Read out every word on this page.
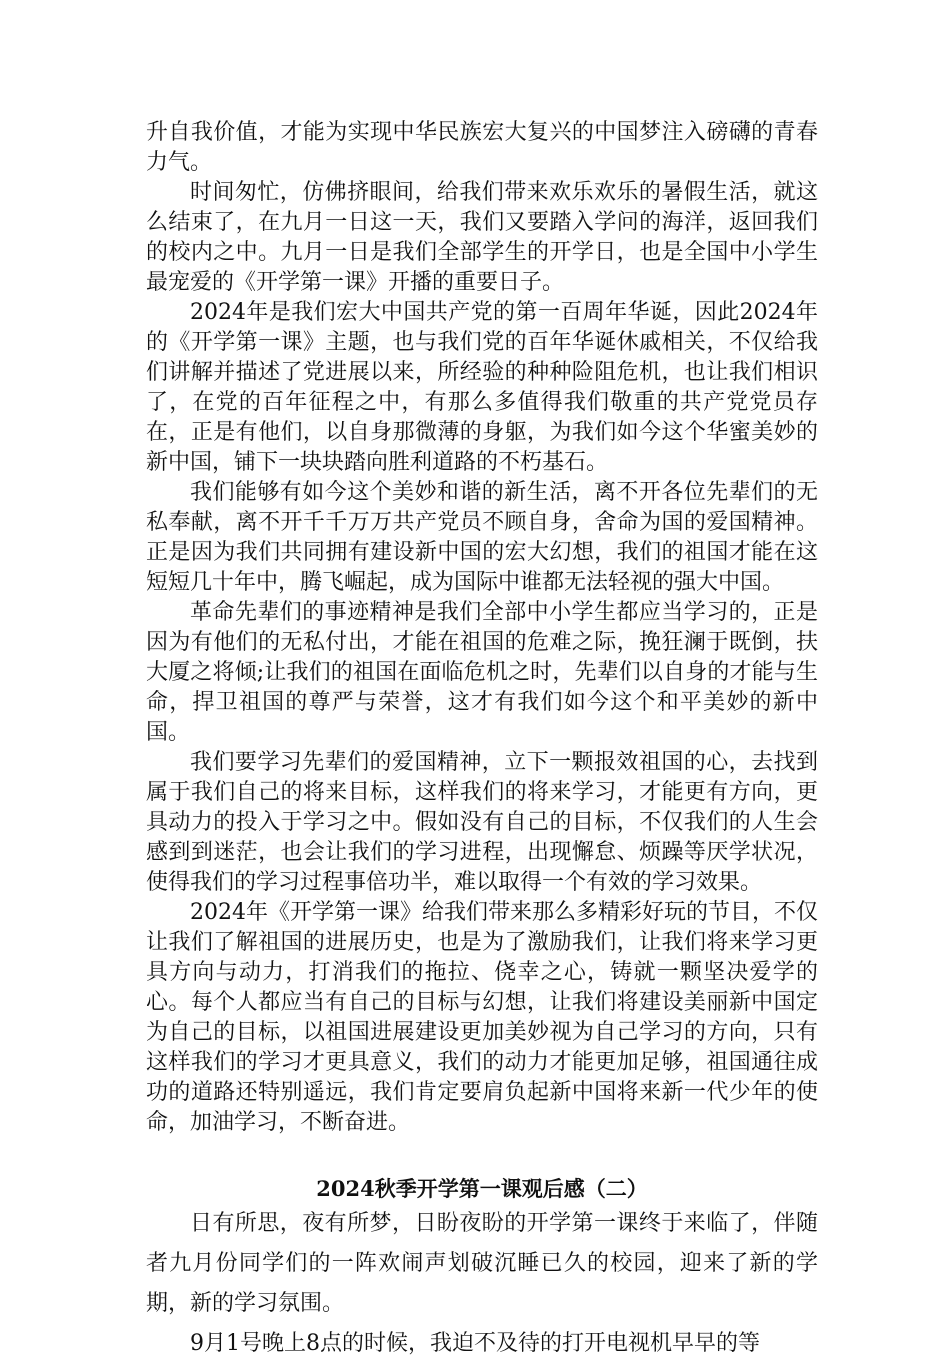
升自我价值，才能为实现中华民族宏大复兴的中国梦注入磅礴的青春力气。

时间匆忙，仿佛挤眼间，给我们带来欢乐欢乐的暑假生活，就这么结束了，在九月一日这一天，我们又要踏入学问的海洋，返回我们的校内之中。九月一日是我们全部学生的开学日，也是全国中小学生最宠爱的《开学第一课》开播的重要日子。

2024年是我们宏大中国共产党的第一百周年华诞，因此2024年的《开学第一课》主题，也与我们党的百年华诞休戚相关，不仅给我们讲解并描述了党进展以来，所经验的种种险阻危机，也让我们相识了，在党的百年征程之中，有那么多值得我们敬重的共产党党员存在，正是有他们，以自身那微薄的身躯，为我们如今这个华蜜美妙的新中国，铺下一块块踏向胜利道路的不朽基石。

我们能够有如今这个美妙和谐的新生活，离不开各位先辈们的无私奉献，离不开千千万万共产党员不顾自身，舍命为国的爱国精神。正是因为我们共同拥有建设新中国的宏大幻想，我们的祖国才能在这短短几十年中，腾飞崛起，成为国际中谁都无法轻视的强大中国。

革命先辈们的事迹精神是我们全部中小学生都应当学习的，正是因为有他们的无私付出，才能在祖国的危难之际，挽狂澜于既倒，扶大厦之将倾;让我们的祖国在面临危机之时，先辈们以自身的才能与生命，捍卫祖国的尊严与荣誉，这才有我们如今这个和平美妙的新中国。

我们要学习先辈们的爱国精神，立下一颗报效祖国的心，去找到属于我们自己的将来目标，这样我们的将来学习，才能更有方向，更具动力的投入于学习之中。假如没有自己的目标，不仅我们的人生会感到到迷茫，也会让我们的学习进程，出现懈怠、烦躁等厌学状况，使得我们的学习过程事倍功半，难以取得一个有效的学习效果。

2024年《开学第一课》给我们带来那么多精彩好玩的节目，不仅让我们了解祖国的进展历史，也是为了激励我们，让我们将来学习更具方向与动力，打消我们的拖拉、侥幸之心，铸就一颗坚决爱学的心。每个人都应当有自己的目标与幻想，让我们将建设美丽新中国定为自己的目标，以祖国进展建设更加美妙视为自己学习的方向，只有这样我们的学习才更具意义，我们的动力才能更加足够，祖国通往成功的道路还特别遥远，我们肯定要肩负起新中国将来新一代少年的使命，加油学习，不断奋进。

2024秋季开学第一课观后感（二）

日有所思，夜有所梦，日盼夜盼的开学第一课终于来临了，伴随者九月份同学们的一阵欢闹声划破沉睡已久的校园，迎来了新的学期，新的学习氛围。

9月1号晚上8点的时候，我迫不及待的打开电视机早早的等
